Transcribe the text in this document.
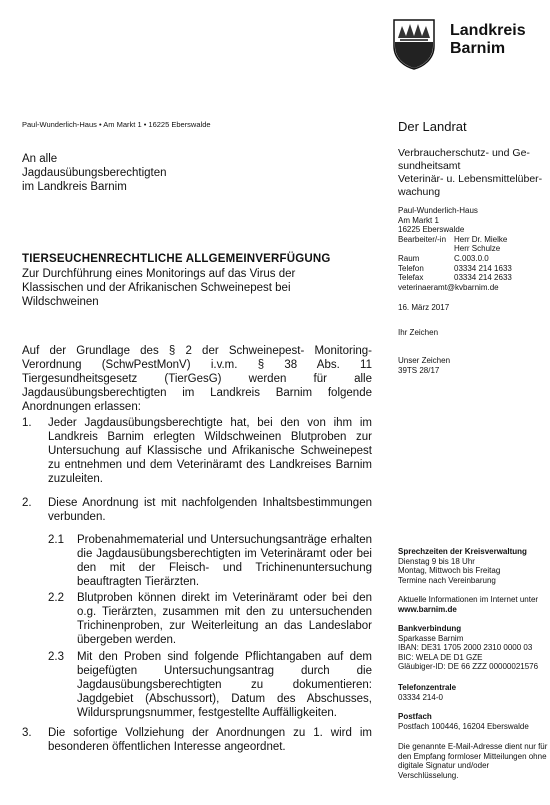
Landkreis
Barnim
Paul-Wunderlich-Haus • Am Markt 1 • 16225 Eberswalde	Der Landrat
Verbraucherschutz- und Ge-
sundheitsamt
Veterinär- u. Lebensmittelüber-
wachung
Paul-Wunderlich-Haus
Am Markt 1
16225 Eberswalde
Bearbeiter/-in Herr Dr. Mielke
Herr Schulze
Raum	C.003.0.0
Telefon	03334 214 1633
Telefax	03334 214 2633
veterinaeramt@kvbarnim.de
16. März 2017
Ihr Zeichen
Unser Zeichen
39TS 28/17
An alle
Jagdausübungsberechtigten
im Landkreis Barnim
TIERSEUCHENRECHTLICHE ALLGEMEINVERFÜGUNG
Zur Durchführung eines Monitorings auf das Virus der Klassischen und der Afrikanischen Schweinepest bei Wildschweinen
Auf der Grundlage des § 2 der Schweinepest- Monitoring- Verordnung (SchwPestMonV) i.v.m. § 38 Abs. 11 Tiergesundheitsgesetz (TierGesG) werden für alle Jagdausübungsberechtigten im Landkreis Barnim folgende Anordnungen erlassen:
1. Jeder Jagdausübungsberechtigte hat, bei den von ihm im Landkreis Barnim erlegten Wildschweinen Blutproben zur Untersuchung auf Klassische und Afrikanische Schweinepest zu entnehmen und dem Veterinäramt des Landkreises Barnim zuzuleiten.
2. Diese Anordnung ist mit nachfolgenden Inhaltsbestimmungen verbunden.
2.1 Probenahmematerial und Untersuchungsanträge erhalten die Jagdausübungsberechtigten im Veterinäramt oder bei den mit der Fleisch- und Trichinenuntersuchung beauftragten Tierärzten.
2.2 Blutproben können direkt im Veterinäramt oder bei den o.g. Tierärzten, zusammen mit den zu untersuchenden Trichinenproben, zur Weiterleitung an das Landeslabor übergeben werden.
2.3 Mit den Proben sind folgende Pflichtangaben auf dem beigefügten Untersuchungsantrag durch die Jagdausübungsberechtigten zu dokumentieren: Jagdgebiet (Abschussort), Datum des Abschusses, Wildursprungsnummer, festgestellte Auffälligkeiten.
3. Die sofortige Vollziehung der Anordnungen zu 1. wird im besonderen öffentlichen Interesse angeordnet.
Sprechzeiten der Kreisverwaltung
Dienstag 9 bis 18 Uhr
Montag, Mittwoch bis Freitag
Termine nach Vereinbarung
Aktuelle Informationen im Internet unter
www.barnim.de
Bankverbindung
Sparkasse Barnim
IBAN: DE31 1705 2000 2310 0000 03
BIC: WELA DE D1 GZE
Gläubiger-ID: DE 66 ZZZ 00000021576
Telefonzentrale
03334 214-0
Postfach
Postfach 100446, 16204 Eberswalde
Die genannte E-Mail-Adresse dient nur für den Empfang formloser Mitteilungen ohne digitale Signatur und/oder Verschlüsselung.
